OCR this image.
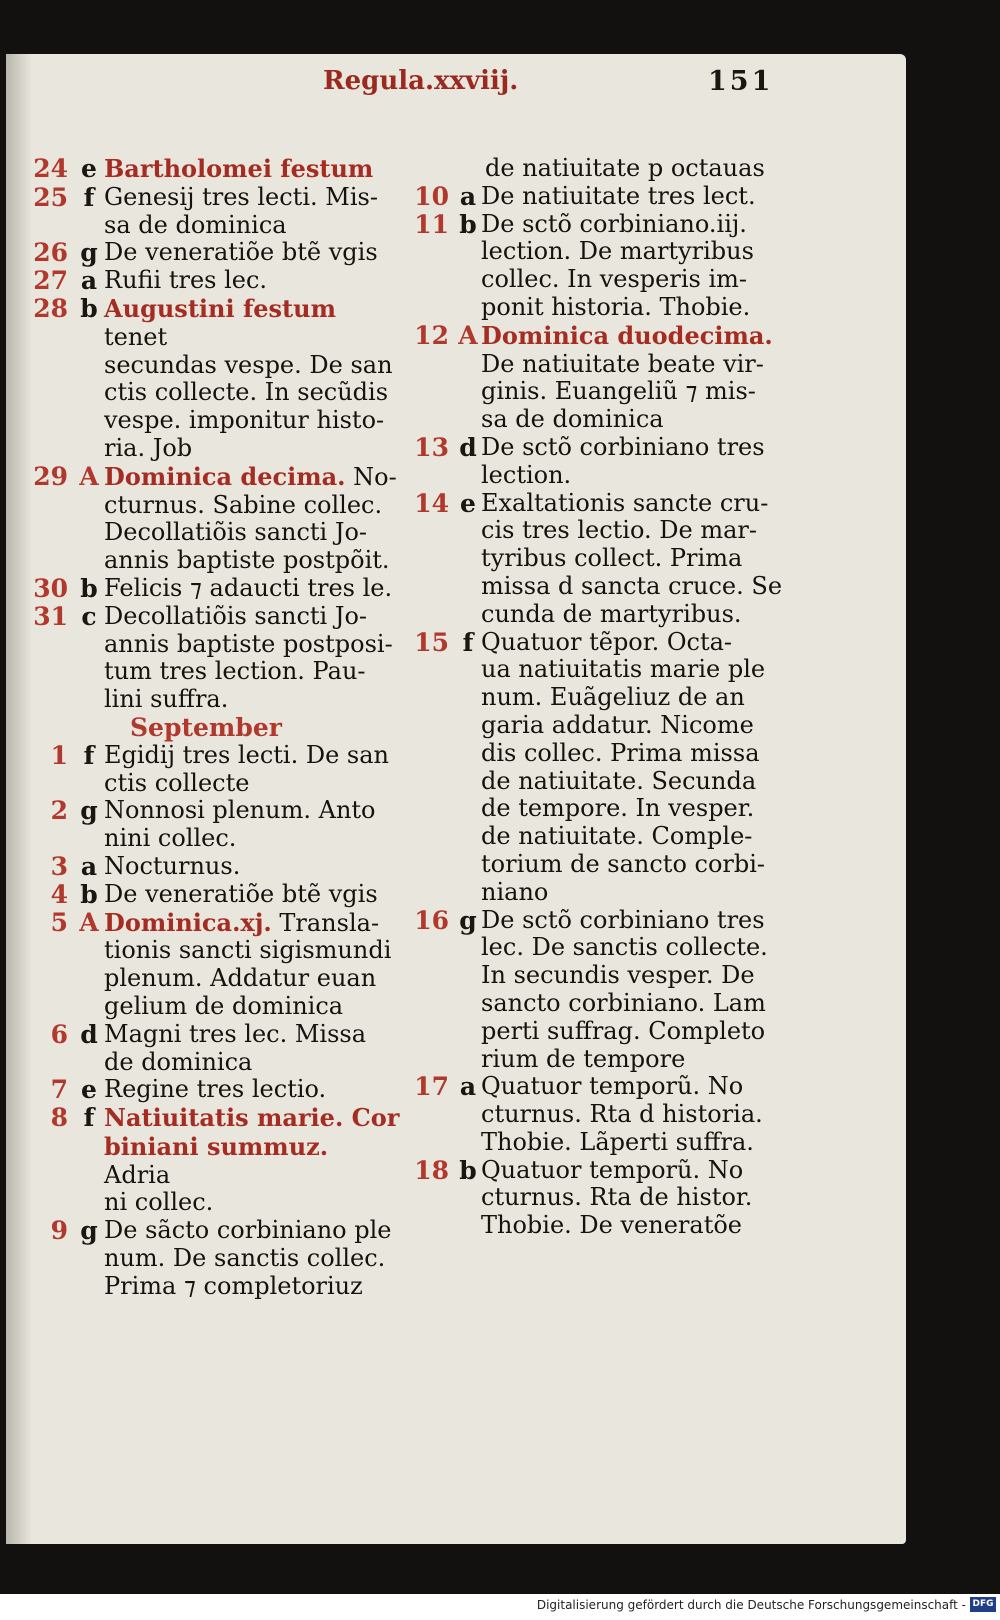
Regula.xxviij.	151
24 e Bartholomei festum
25 f Genesij tres lecti. Mis-
sa de dominica
26 g De veneratiõe btẽ vgis
27 a Rufii tres lec.
28 b Augustini festum tenet
secundas vespe. De san
ctis collecte. In secũdis
vespe. imponitur histo-
ria. Job
29 A Dominica decima. No-
cturnus. Sabine collec.
Decollatiõis sancti Jo-
annis baptiste postpõit.
30 b Felicis ⁊ adaucti tres le.
31 c Decollatiõis sancti Jo-
annis baptiste postposi-
tum tres lection. Pau-
lini suffra.
September
1 f Egidij tres lecti. De san
ctis collecte
2 g Nonnosi plenum. Anto
nini collec.
3 a Nocturnus.
4 b De veneratiõe btẽ vgis
5 A Dominica.xj. Transla-
tionis sancti sigismundi
plenum. Addatur euan
gelium de dominica
6 d Magni tres lec. Missa
de dominica
7 e Regine tres lectio.
8 f Natiuitatis marie. Cor
biniani summuz. Adria
ni collec.
9 g De sãcto corbiniano ple
num. De sanctis collec.
Prima ⁊ completoriuz
de natiuitate p octauas
10 a De natiuitate tres lect.
11 b De sctõ corbiniano.iij.
lection. De martyribus
collec. In vesperis im-
ponit historia. Thobie.
12 A Dominica duodecima.
De natiuitate beate vir-
ginis. Euangeliũ ⁊ mis-
sa de dominica
13 d De sctõ corbiniano tres
lection.
14 e Exaltationis sancte cru-
cis tres lectio. De mar-
tyribus collect. Prima
missa d sancta cruce. Se
cunda de martyribus.
15 f Quatuor tẽpor. Octa-
ua natiuitatis marie ple
num. Euãgeliuz de an
garia addatur. Nicome
dis collec. Prima missa
de natiuitate. Secunda
de tempore. In vesper.
de natiuitate. Comple-
torium de sancto corbi-
niano
16 g De sctõ corbiniano tres
lec. De sanctis collecte.
In secundis vesper. De
sancto corbiniano. Lam
perti suffrag. Completo
rium de tempore
17 a Quatuor temporũ. No
cturnus. Rta d historia.
Thobie. Lãperti suffra.
18 b Quatuor temporũ. No
cturnus. Rta de histor.
Thobie. De veneratõe
Digitalisierung gefördert durch die Deutsche Forschungsgemeinschaft - DFG
